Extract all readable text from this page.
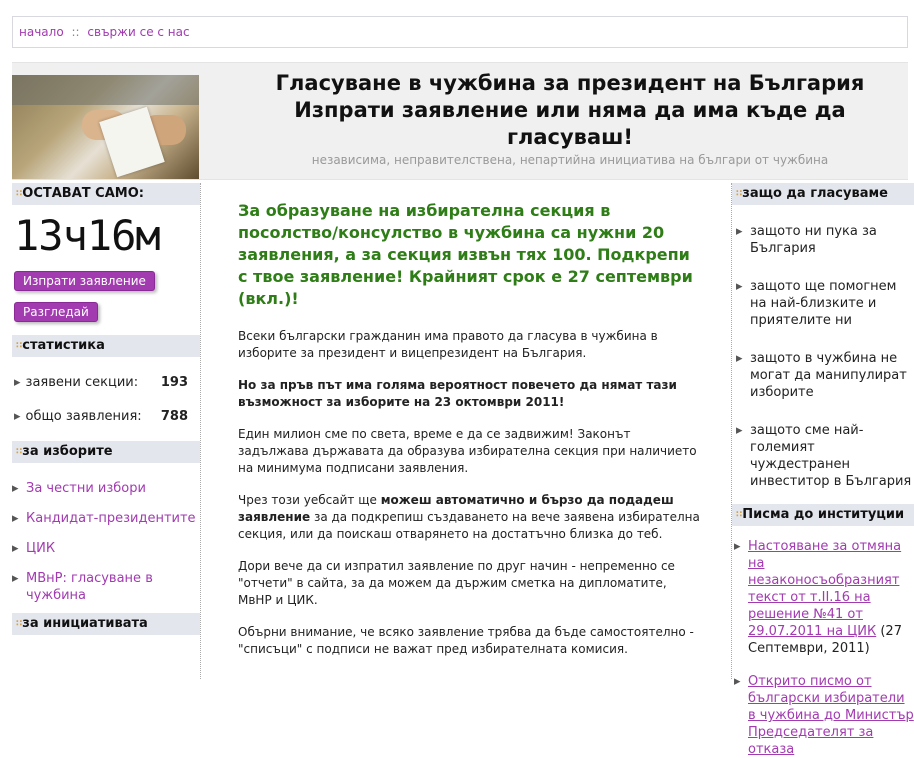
начало :: свържи се с нас
Гласуване в чужбина за президент на България
Изпрати заявление или няма да има къде да гласуваш!
независима, неправителствена, непартийна инициатива на българи от чужбина
∷ОСТАВАТ САМО:
13ч16м
Изпрати заявление
Разгледай
∷статистика
▸ заявени секции: 193
▸ общо заявления: 788
∷за изборите
▸ За честни избори
▸ Кандидат-президентите
▸ ЦИК
▸ МВнР: гласуване в чужбина
∷за инициативата
За образуване на избирателна секция в посолство/консулство в чужбина са нужни 20 заявления, а за секция извън тях 100. Подкрепи с твое заявление! Крайният срок е 27 септември (вкл.)!

Всеки български гражданин има правото да гласува в чужбина в изборите за президент и вицепрезидент на България.

Но за пръв път има голяма вероятност повечето да нямат тази възможност за изборите на 23 октомври 2011!

Един милион сме по света, време е да се задвижим! Законът задължава държавата да образува избирателна секция при наличието на минимума подписани заявления.

Чрез този уебсайт ще можеш автоматично и бързо да подадеш заявление за да подкрепиш създаването на вече заявена избирателна секция, или да поискаш отварянето на достатъчно близка до теб.

Дори вече да си изпратил заявление по друг начин - непременно се "отчети" в сайта, за да можем да държим сметка на дипломатите, МвНР и ЦИК.

Обърни внимание, че всяко заявление трябва да бъде самостоятелно - "списъци" с подписи не важат пред избирателната комисия.

∷защо да гласуваме
▸ защото ни пука за България
▸ защото ще помогнем на най-близките и приятелите ни
▸ защото в чужбина не могат да манипулират изборите
▸ защото сме най-големият чуждестранен инвеститор в България
∷Писма до институции
▸ Настояване за отмяна на незаконосъобразният текст от т.II.16 на решение №41 от 29.07.2011 на ЦИК (27 Септември, 2011)
▸ Открито писмо от български избиратели в чужбина до Министър Председателят за отказа
